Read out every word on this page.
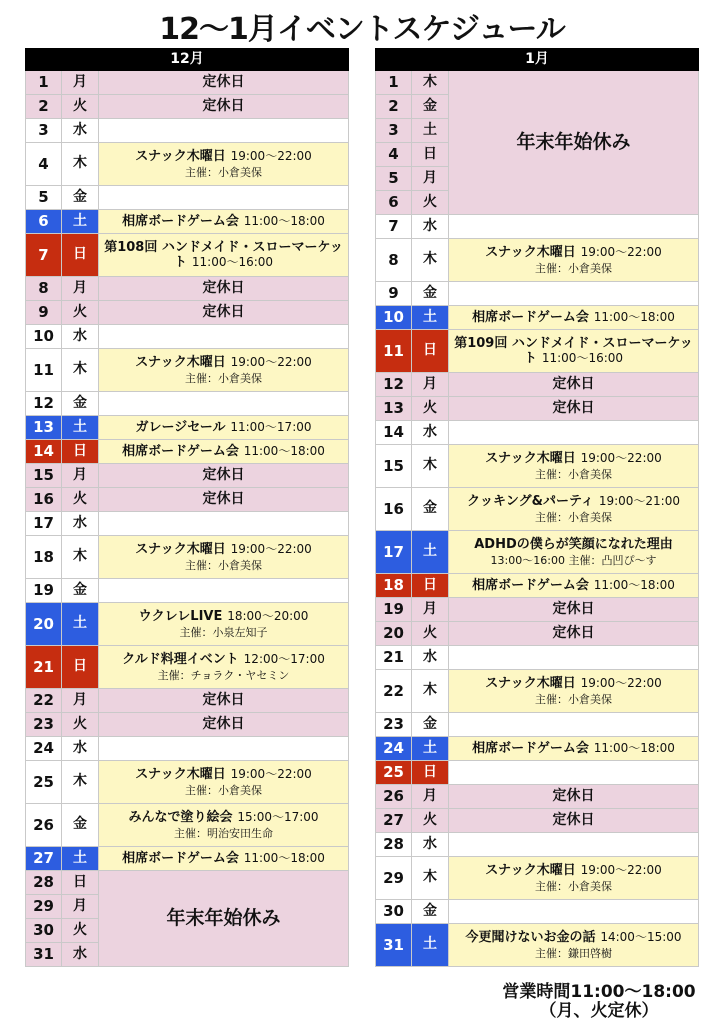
12〜1月イベントスケジュール
12月		
1	月	定休日
2	火	定休日
3	水	
4	木	スナック木曜日 19:00〜22:00
主催：小倉美保

5	金	
6	土	相席ボードゲーム会 11:00〜18:00
7	日	第108回 ハンドメイド・スローマーケット 11:00〜16:00
8	月	定休日
9	火	定休日
10	水	
11	木	スナック木曜日 19:00〜22:00
主催：小倉美保

12	金	
13	土	ガレージセール 11:00〜17:00
14	日	相席ボードゲーム会 11:00〜18:00
15	月	定休日
16	火	定休日
17	水	
18	木	スナック木曜日 19:00〜22:00
主催：小倉美保

19	金	
20	土	ウクレレLIVE 18:00〜20:00
主催：小泉左知子

21	日	クルド料理イベント 12:00〜17:00
主催：チョラク・ヤセミン

22	月	定休日
23	火	定休日
24	水	
25	木	スナック木曜日 19:00〜22:00
主催：小倉美保

26	金	みんなで塗り絵会 15:00〜17:00
主催：明治安田生命

27	土	相席ボードゲーム会 11:00〜18:00
28	日	年末年始休み
29	月	
30	火	
31	水	
1月		
1	木	年末年始休み
2	金	
3	土	
4	日	
5	月	
6	火	
7	水	
8	木	スナック木曜日 19:00〜22:00
主催：小倉美保

9	金	
10	土	相席ボードゲーム会 11:00〜18:00
11	日	第109回 ハンドメイド・スローマーケット 11:00〜16:00
12	月	定休日
13	火	定休日
14	水	
15	木	スナック木曜日 19:00〜22:00
主催：小倉美保

16	金	クッキング&パーティ 19:00〜21:00
主催：小倉美保

17	土	ADHDの僕らが笑顔になれた理由
13:00〜16:00 主催：凸凹ぴ〜す

18	日	相席ボードゲーム会 11:00〜18:00
19	月	定休日
20	火	定休日
21	水	
22	木	スナック木曜日 19:00〜22:00
主催：小倉美保

23	金	
24	土	相席ボードゲーム会 11:00〜18:00
25	日	
26	月	定休日
27	火	定休日
28	水	
29	木	スナック木曜日 19:00〜22:00
主催：小倉美保

30	金	
31	土	今更聞けないお金の話 14:00〜15:00
主催：鎌田啓樹
営業時間11:00〜18:00
（月、火定休）
